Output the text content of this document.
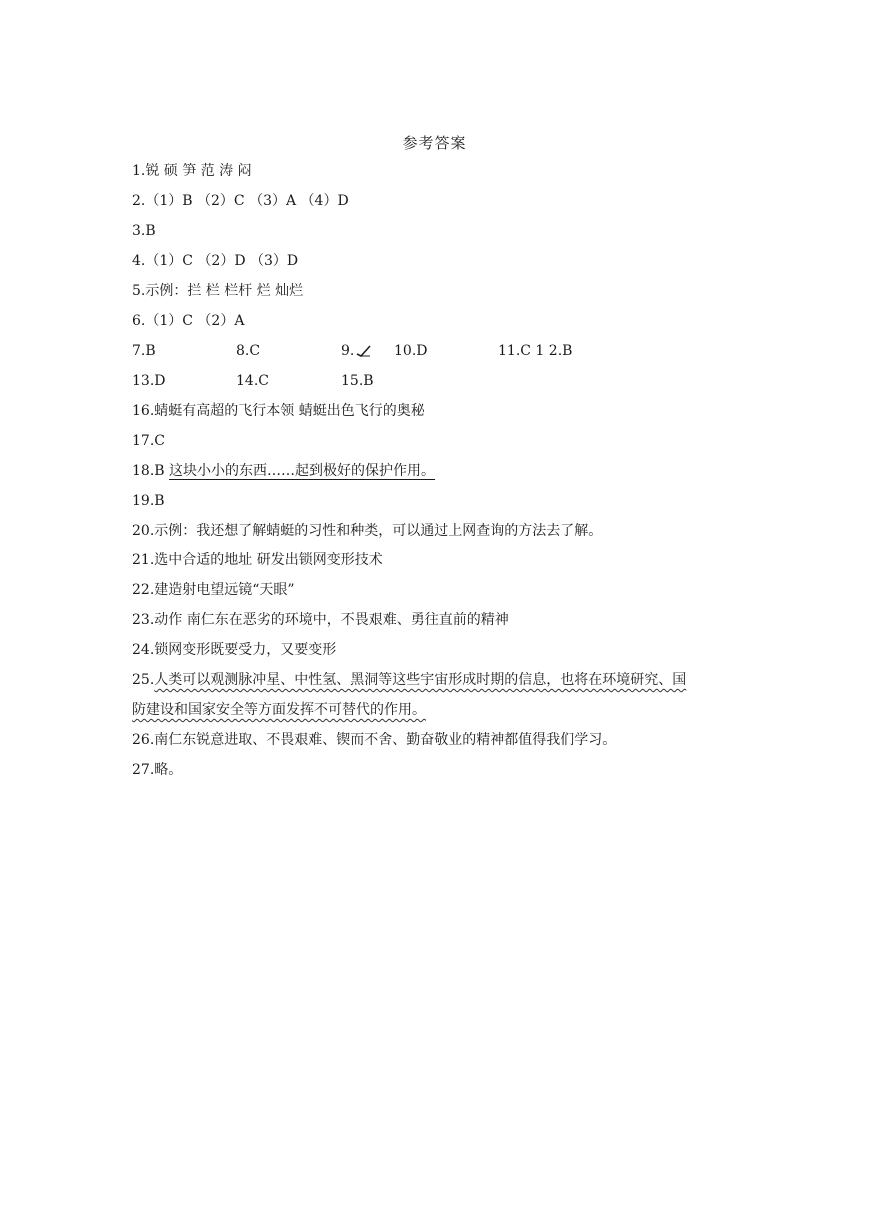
参考答案
1.锐 硕 笋 范 涛 闷
2.（1）B （2）C （3）A （4）D
3.B
4.（1）C （2）D （3）D
5.示例：拦 栏 栏杆 烂 灿烂
6.（1）C （2）A
7.B	8.C	9.	10.D	11.C 1 2.B
13.D	14.C	15.B
16.蜻蜓有高超的飞行本领 蜻蜓出色飞行的奥秘
17.C
18.B 这块小小的东西……起到极好的保护作用。
19.B
20.示例：我还想了解蜻蜓的习性和种类，可以通过上网查询的方法去了解。
21.选中合适的地址 研发出锁网变形技术
22.建造射电望远镜“天眼”
23.动作 南仁东在恶劣的环境中，不畏艰难、勇往直前的精神
24.锁网变形既要受力，又要变形
25.人类可以观测脉冲星、中性氢、黑洞等这些宇宙形成时期的信息，也将在环境研究、国
防建设和国家安全等方面发挥不可替代的作用。
26.南仁东锐意进取、不畏艰难、锲而不舍、勤奋敬业的精神都值得我们学习。
27.略。
